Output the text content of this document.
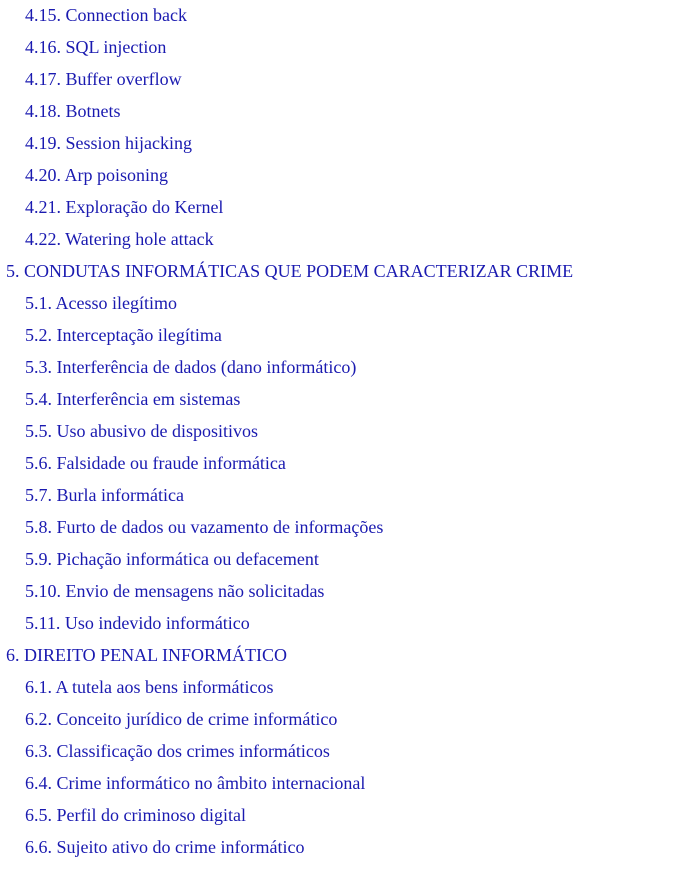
4.15. Connection back
4.16. SQL injection
4.17. Buffer overflow
4.18. Botnets
4.19. Session hijacking
4.20. Arp poisoning
4.21. Exploração do Kernel
4.22. Watering hole attack
5. CONDUTAS INFORMÁTICAS QUE PODEM CARACTERIZAR CRIME
5.1. Acesso ilegítimo
5.2. Interceptação ilegítima
5.3. Interferência de dados (dano informático)
5.4. Interferência em sistemas
5.5. Uso abusivo de dispositivos
5.6. Falsidade ou fraude informática
5.7. Burla informática
5.8. Furto de dados ou vazamento de informações
5.9. Pichação informática ou defacement
5.10. Envio de mensagens não solicitadas
5.11. Uso indevido informático
6. DIREITO PENAL INFORMÁTICO
6.1. A tutela aos bens informáticos
6.2. Conceito jurídico de crime informático
6.3. Classificação dos crimes informáticos
6.4. Crime informático no âmbito internacional
6.5. Perfil do criminoso digital
6.6. Sujeito ativo do crime informático
